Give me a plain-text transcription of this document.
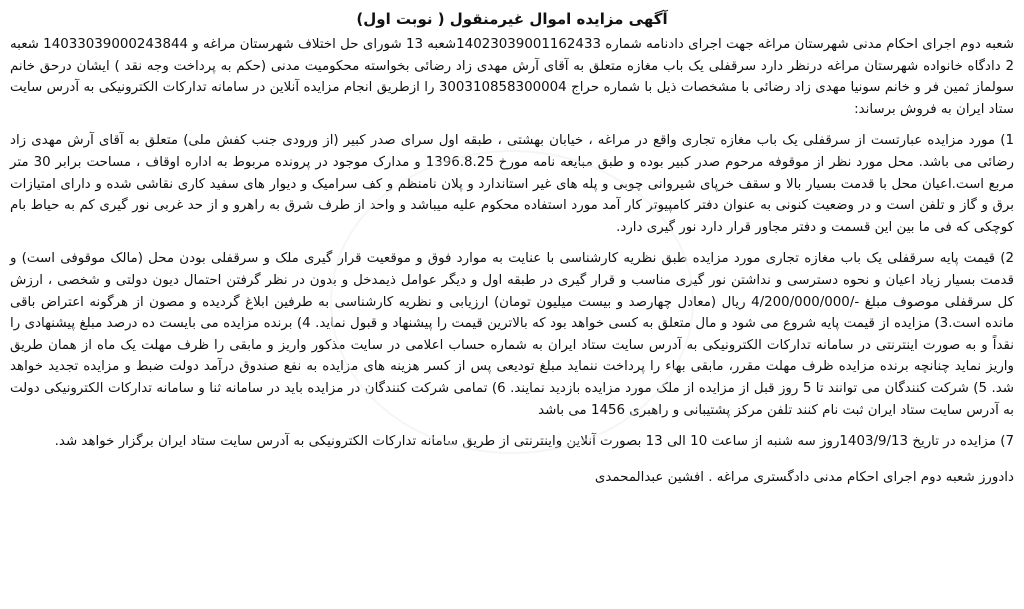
آگهی مزایده اموال غیرمنقول ( نوبت اول)

شعبه دوم اجرای احکام مدنی شهرستان مراغه جهت اجرای دادنامه شماره 14023039001162433شعبه 13 شورای حل اختلاف شهرستان مراغه و 14033039000243844 شعبه 2 دادگاه خانواده شهرستان مراغه درنظر دارد سرقفلی یک باب مغازه متعلق به آقای آرش مهدی زاد رضائی بخواسته محکومیت مدنی (حکم به پرداخت وجه نقد ) ایشان درحق خانم سولماز ثمین فر و خانم سونیا مهدی زاد رضائی با مشخصات ذیل با شماره حراج 300310858300004 را ازطریق انجام مزایده آنلاین در سامانه تدارکات الکترونیکی به آدرس سایت ستاد ایران به فروش برساند:

1) مورد مزایده عبارتست از سرقفلی یک باب مغازه تجاری واقع در مراغه ، خیابان بهشتی ، طبقه اول سرای صدر کبیر (از ورودی جنب کفش ملی) متعلق به آقای آرش مهدی زاد رضائی می باشد. محل مورد نظر از موقوفه مرحوم صدر کبیر بوده و طبق مبایعه نامه مورخ 1396.8.25 و مدارک موجود در پرونده مربوط به اداره اوقاف ، مساحت برابر 30 متر مربع است.اعیان محل با قدمت بسیار بالا و سقف خرپای شیروانی چوبی و پله های غیر استاندارد و پلان نامنظم و کف سرامیک و دیوار های سفید کاری نقاشی شده و دارای امتیازات برق و گاز و تلفن است و در وضعیت کنونی به عنوان دفتر کامپیوتر کار آمد مورد استفاده محکوم علیه میباشد و واحد از طرف شرق به راهرو و از حد غربی نور گیری کم به حیاط بام کوچکی که فی ما بین این قسمت و دفتر مجاور قرار دارد نور گیری دارد.

2) قیمت پایه سرقفلی یک باب مغازه تجاری مورد مزایده طبق نظریه کارشناسی با عنایت به موارد فوق و موقعیت قرار گیری ملک و سرقفلی بودن محل (مالک موقوفی است) و قدمت بسیار زیاد اعیان و نحوه دسترسی و نداشتن نور گیری مناسب و قرار گیری در طبقه اول و دیگر عوامل ذیمدخل و بدون در نظر گرفتن احتمال دیون دولتی و شخصی ، ارزش کل سرقفلی موصوف مبلغ -/4/200/000/000 ریال (معادل چهارصد و بیست میلیون تومان) ارزیابی و نظریه کارشناسی به طرفین ابلاغ گردیده و مصون از هرگونه اعتراض باقی مانده است.3) مزایده از قیمت پایه شروع می شود و مال متعلق به کسی خواهد بود که بالاترین قیمت را پیشنهاد و قبول نماید. 4) برنده مزایده می بایست ده درصد مبلغ پیشنهادی را نقداً و به صورت اینترنتی در سامانه تدارکات الکترونیکی به آدرس سایت ستاد ایران به شماره حساب اعلامی در سایت مذکور واریز و مابقی را ظرف مهلت یک ماه از همان طریق واریز نماید چنانچه برنده مزایده ظرف مهلت مقرر، مابقی بهاء را پرداخت ننماید مبلغ تودیعی پس از کسر هزینه های مزایده به نفع صندوق درآمد دولت ضبط و مزایده تجدید خواهد شد. 5) شرکت کنندگان می توانند تا 5 روز قبل از مزایده از ملک مورد مزایده بازدید نمایند. 6) تمامی شرکت کنندگان در مزایده باید در سامانه ثنا و سامانه تدارکات الکترونیکی دولت به آدرس سایت ستاد ایران ثبت نام کنند تلفن مرکز پشتیبانی و راهبری 1456 می باشد

7) مزایده در تاریخ 1403/9/13روز سه شنبه از ساعت 10 الی 13 بصورت آنلاین واینترنتی از طریق سامانه تدارکات الکترونیکی به آدرس سایت ستاد ایران برگزار خواهد شد.

دادورز شعبه دوم اجرای احکام مدنی دادگستری مراغه . افشین عبدالمحمدی
